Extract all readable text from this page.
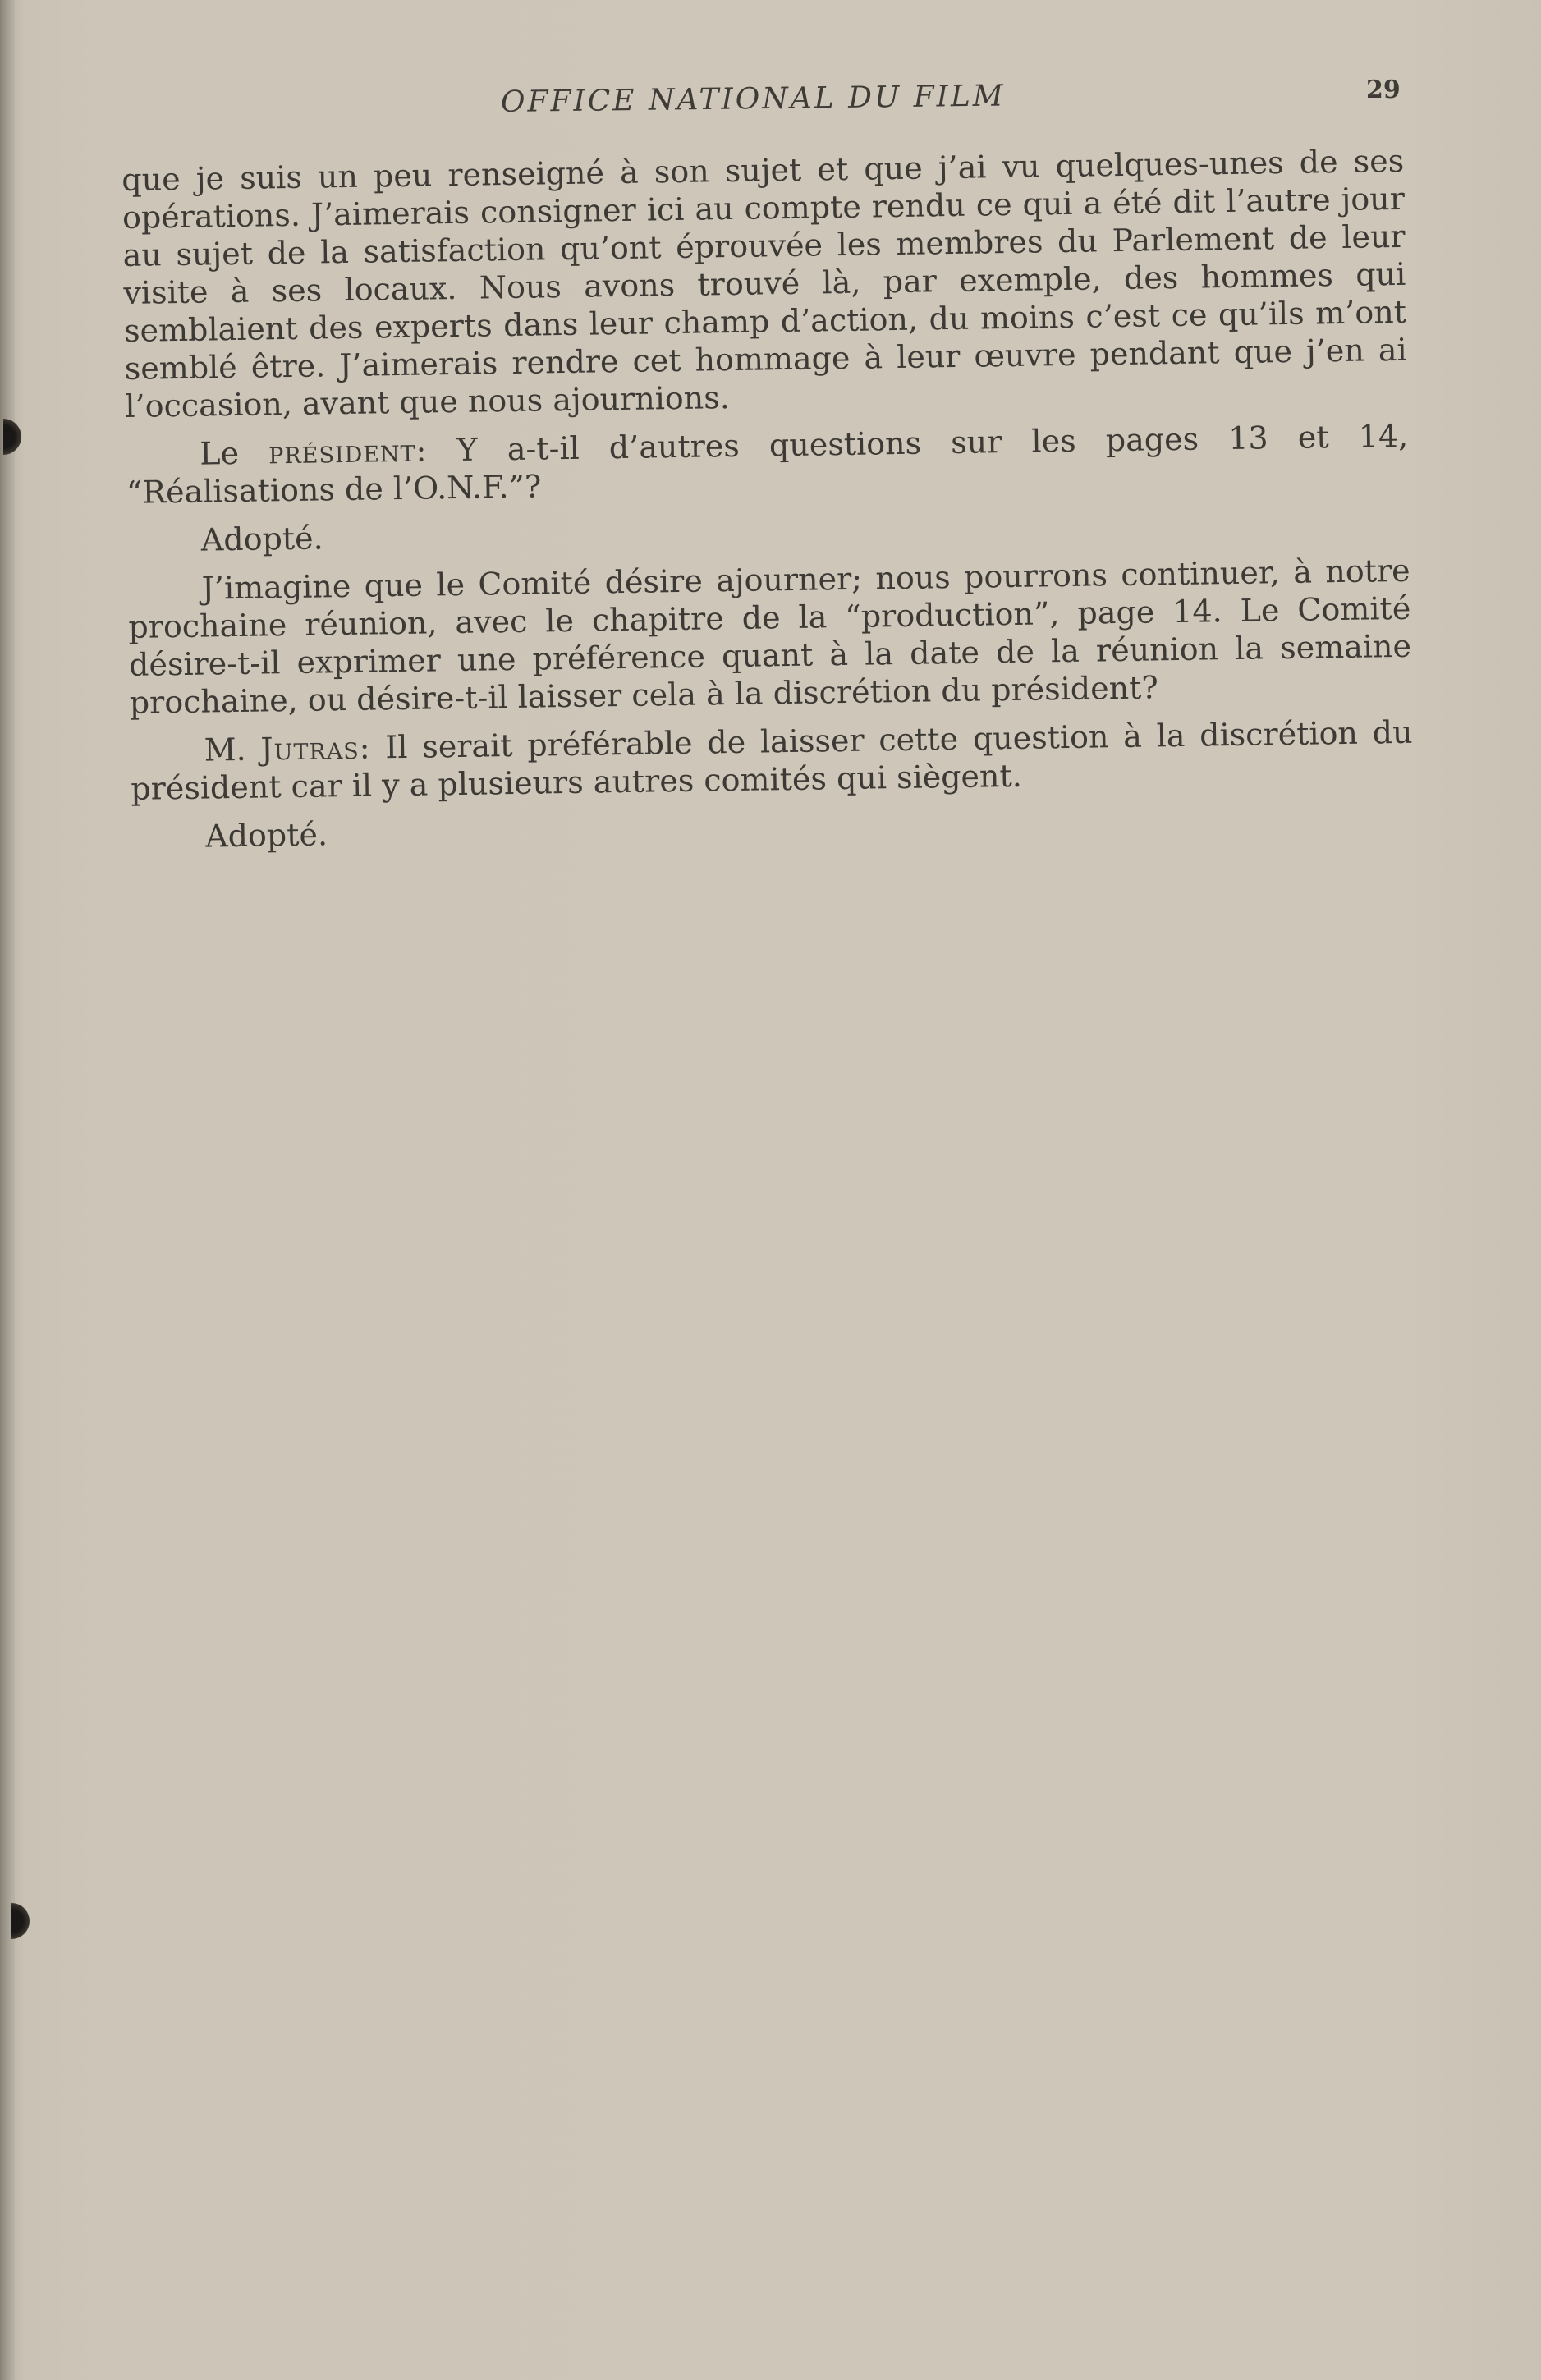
OFFICE NATIONAL DU FILM	29

que je suis un peu renseigné à son sujet et que j’ai vu quelques-unes de ses opérations. J’aimerais consigner ici au compte rendu ce qui a été dit l’autre jour au sujet de la satisfaction qu’ont éprouvée les membres du Parlement de leur visite à ses locaux. Nous avons trouvé là, par exemple, des hommes qui semblaient des experts dans leur champ d’action, du moins c’est ce qu’ils m’ont semblé être. J’aimerais rendre cet hommage à leur œuvre pendant que j’en ai l’occasion, avant que nous ajournions.

Le président: Y a-t-il d’autres questions sur les pages 13 et 14, “Réalisations de l’O.N.F.”?

Adopté.

J’imagine que le Comité désire ajourner; nous pourrons continuer, à notre prochaine réunion, avec le chapitre de la “production”, page 14. Le Comité désire-t-il exprimer une préférence quant à la date de la réunion la semaine prochaine, ou désire-t-il laisser cela à la discrétion du président?

M. Jutras: Il serait préférable de laisser cette question à la discrétion du président car il y a plusieurs autres comités qui siègent.

Adopté.
